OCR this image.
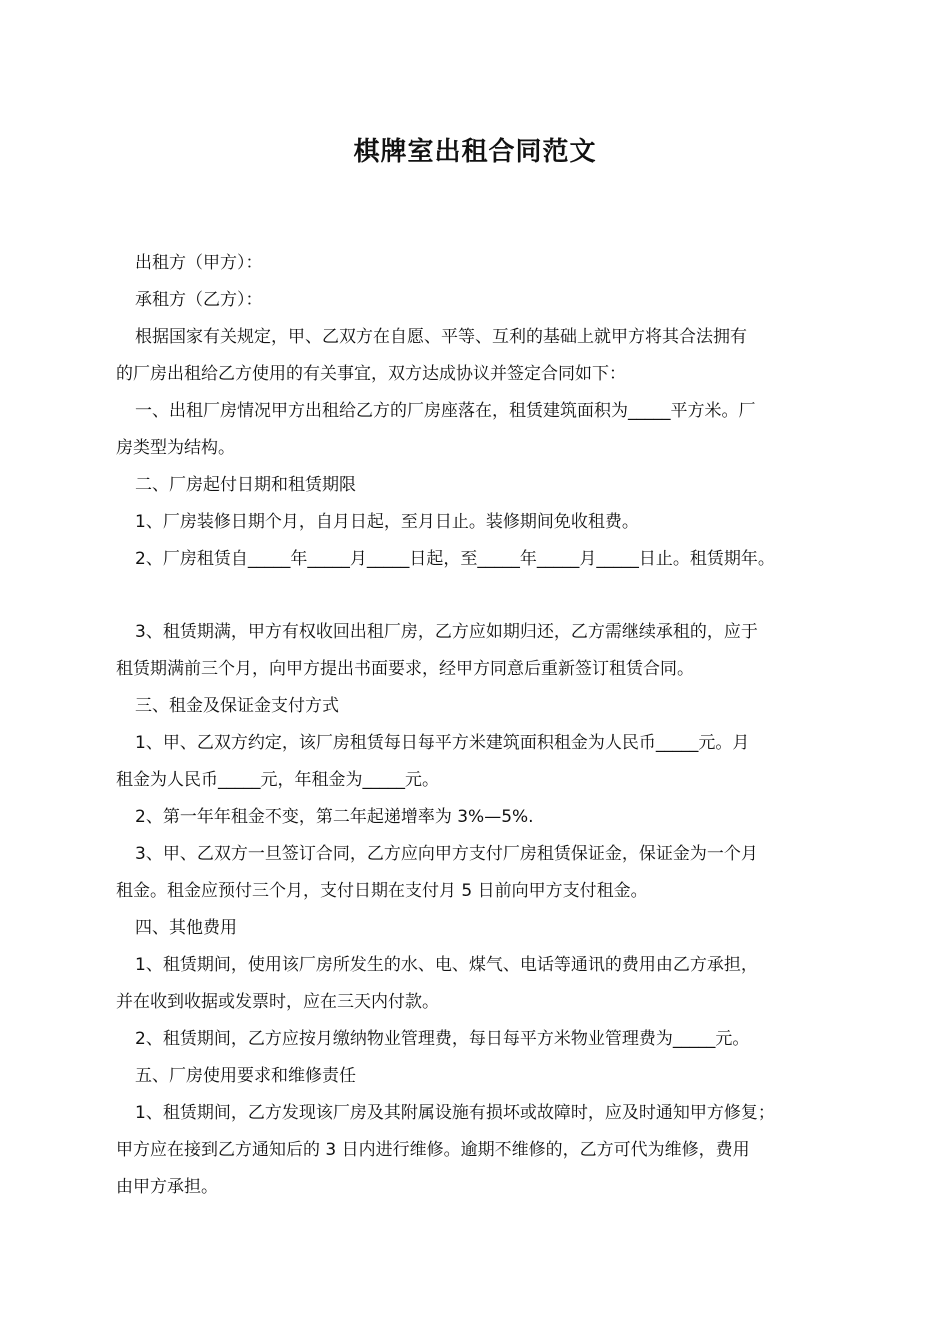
棋牌室出租合同范文

出租方（甲方）：
承租方（乙方）：
根据国家有关规定，甲、乙双方在自愿、平等、互利的基础上就甲方将其合法拥有
的厂房出租给乙方使用的有关事宜，双方达成协议并签定合同如下：
一、出租厂房情况甲方出租给乙方的厂房座落在，租赁建筑面积为_____平方米。厂
房类型为结构。
二、厂房起付日期和租赁期限
1、厂房装修日期个月，自月日起，至月日止。装修期间免收租费。
2、厂房租赁自_____年_____月_____日起，至_____年_____月_____日止。租赁期年。
3、租赁期满，甲方有权收回出租厂房，乙方应如期归还，乙方需继续承租的，应于
租赁期满前三个月，向甲方提出书面要求，经甲方同意后重新签订租赁合同。
三、租金及保证金支付方式
1、甲、乙双方约定，该厂房租赁每日每平方米建筑面积租金为人民币_____元。月
租金为人民币_____元，年租金为_____元。
2、第一年年租金不变，第二年起递增率为 3%—5%.
3、甲、乙双方一旦签订合同，乙方应向甲方支付厂房租赁保证金，保证金为一个月
租金。租金应预付三个月，支付日期在支付月 5 日前向甲方支付租金。
四、其他费用
1、租赁期间，使用该厂房所发生的水、电、煤气、电话等通讯的费用由乙方承担，
并在收到收据或发票时，应在三天内付款。
2、租赁期间，乙方应按月缴纳物业管理费，每日每平方米物业管理费为_____元。
五、厂房使用要求和维修责任
1、租赁期间，乙方发现该厂房及其附属设施有损坏或故障时，应及时通知甲方修复；
甲方应在接到乙方通知后的 3 日内进行维修。逾期不维修的，乙方可代为维修，费用
由甲方承担。
